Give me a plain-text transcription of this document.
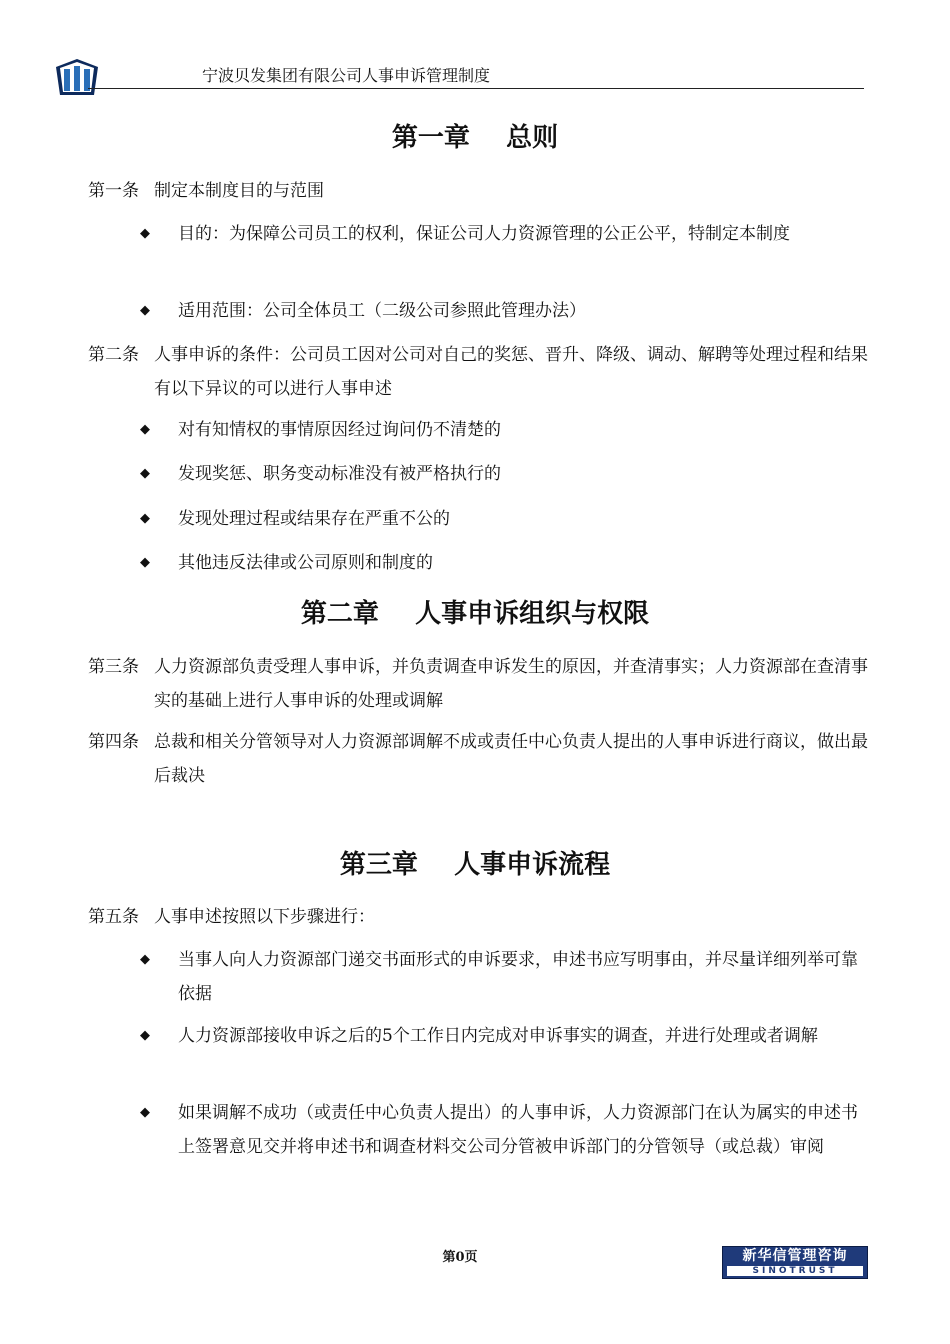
宁波贝发集团有限公司人事申诉管理制度
第一章    总则
第一条 制定本制度目的与范围
◆ 目的：为保障公司员工的权利，保证公司人力资源管理的公正公平，特制定本制度
◆ 适用范围：公司全体员工（二级公司参照此管理办法）
第二条 人事申诉的条件：公司员工因对公司对自己的奖惩、晋升、降级、调动、解聘等处理过程和结果有以下异议的可以进行人事申述
◆ 对有知情权的事情原因经过询问仍不清楚的
◆ 发现奖惩、职务变动标准没有被严格执行的
◆ 发现处理过程或结果存在严重不公的
◆ 其他违反法律或公司原则和制度的
第二章    人事申诉组织与权限
第三条 人力资源部负责受理人事申诉，并负责调查申诉发生的原因，并查清事实；人力资源部在查清事实的基础上进行人事申诉的处理或调解
第四条 总裁和相关分管领导对人力资源部调解不成或责任中心负责人提出的人事申诉进行商议，做出最后裁决
第三章    人事申诉流程
第五条 人事申述按照以下步骤进行：
◆ 当事人向人力资源部门递交书面形式的申诉要求，申述书应写明事由，并尽量详细列举可靠依据
◆ 人力资源部接收申诉之后的5个工作日内完成对申诉事实的调查，并进行处理或者调解
◆ 如果调解不成功（或责任中心负责人提出）的人事申诉，人力资源部门在认为属实的申述书上签署意见交并将申述书和调查材料交公司分管被申诉部门的分管领导（或总裁）审阅
第0页	新华信管理咨询
SINOTRUST
